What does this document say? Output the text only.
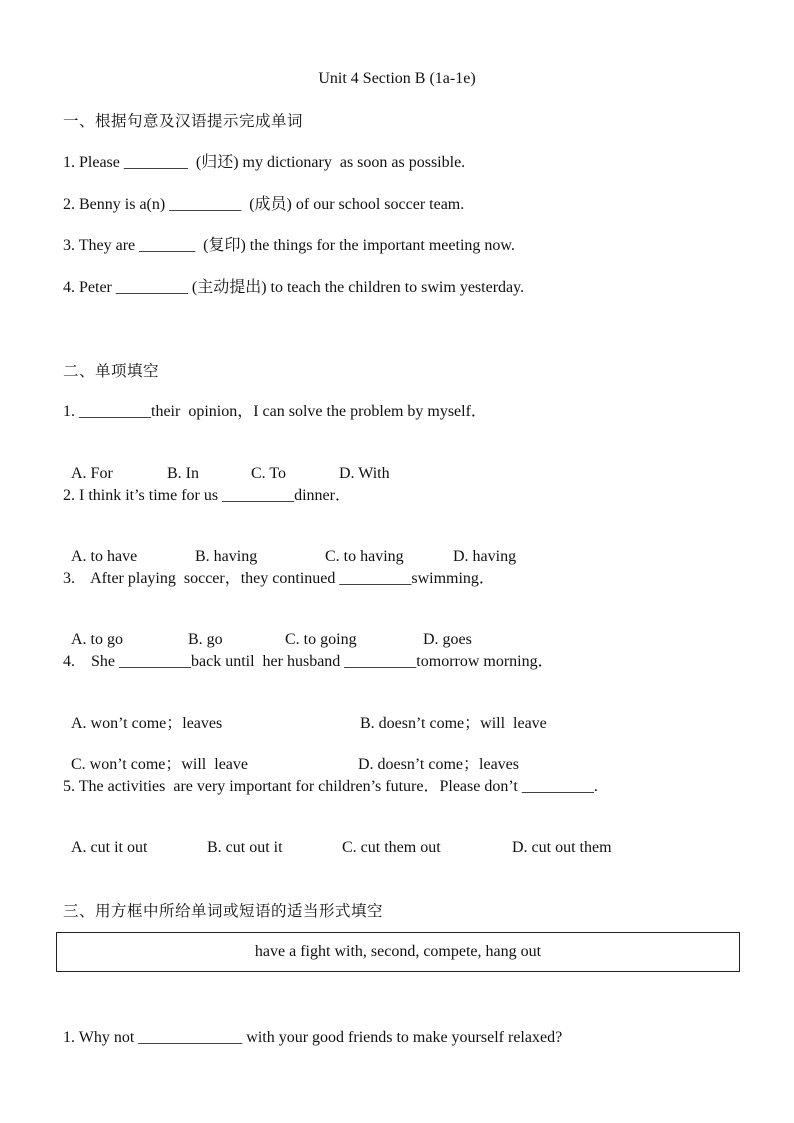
Unit 4 Section B (1a-1e)
一、根据句意及汉语提示完成单词
1. Please ________  (归还) my dictionary  as soon as possible.
2. Benny is a(n) _________  (成员) of our school soccer team.
3. They are _______  (复印) the things for the important meeting now.
4. Peter _________ (主动提出) to teach the children to swim yesterday.
二、单项填空
1. _________their  opinion，I can solve the problem by myself．

A. For	B. In	C. To	D. With

2. I think it’s time for us _________dinner．

A. to have	B. having	C. to having	D. having

3.    After playing  soccer，they continued _________swimming．

A. to go	B. go	C. to going	D. goes

4.    She _________back until  her husband _________tomorrow morning．

A. won’t come；leaves	B. doesn’t come；will  leave

C. won’t come；will  leave	D. doesn’t come；leaves

5. The activities  are very important for children’s future．Please don’t _________.

A. cut it out	B. cut out it	C. cut them out	D. cut out them

三、用方框中所给单词或短语的适当形式填空
have a fight with, second, compete, hang out
1. Why not _____________ with your good friends to make yourself relaxed?
